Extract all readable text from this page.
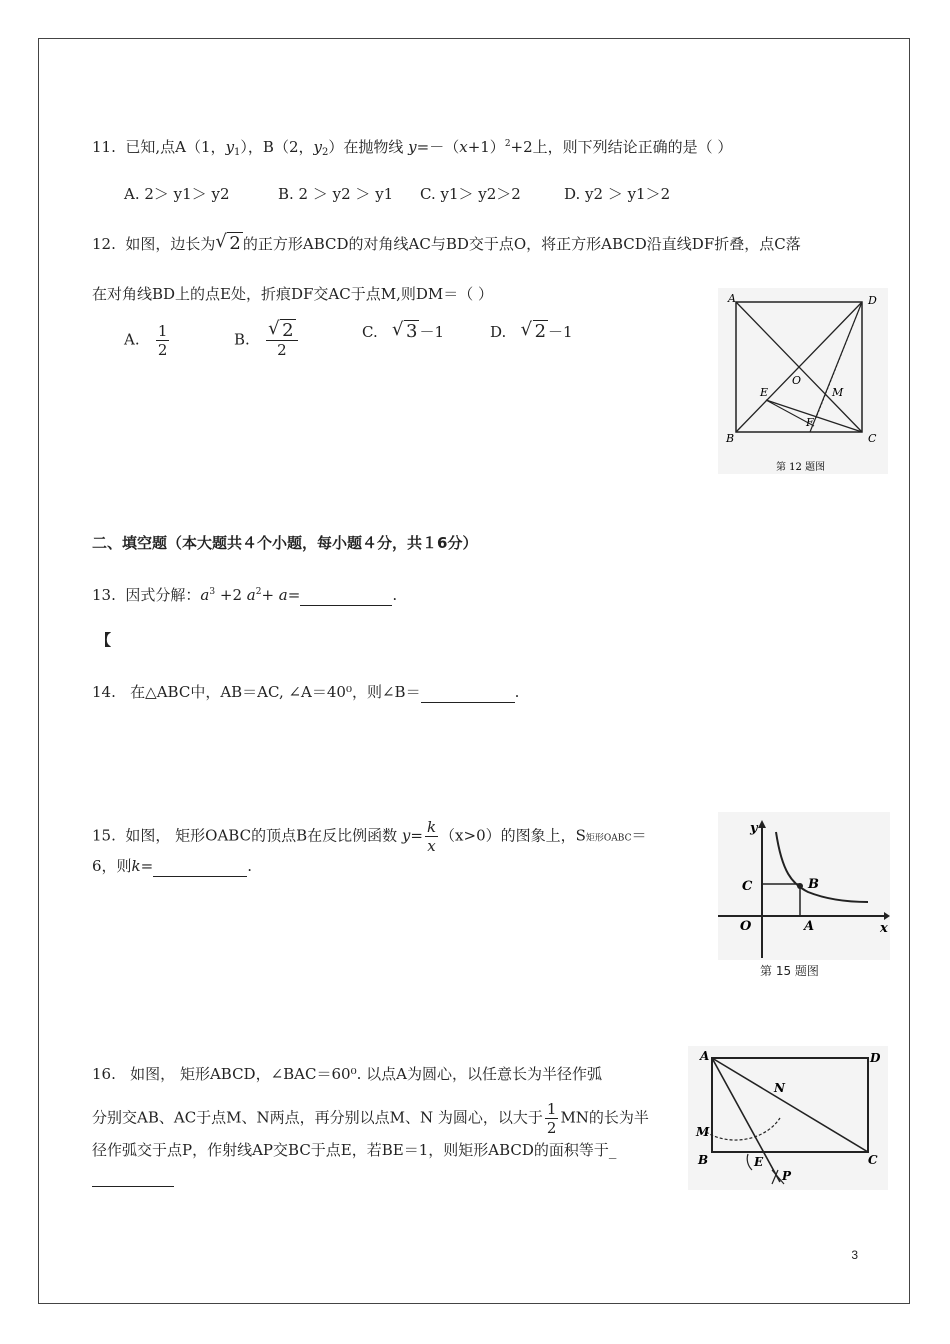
11. 已知,点A（1，$y_1$），B（2，$y_2$）在抛物线 $y=-(x+1)^2+2$上，则下列结论正确的是（ ）
A. 2＞ y1＞ y2	B. 2 ＞ y2 ＞ y1 C. y1＞ y2＞2	D. y2 ＞ y1＞2
12. 如图，边长为 √ 2 的正方形ABCD的对角线AC与BD交于点O，将正方形ABCD沿直线DF折叠，点C落
在对角线BD上的点E处，折痕DF交AC于点M,则DM＝（ ）
A. $\frac{1}{2}$	B. $\frac{√ 2}{2}$	C. √ 3 －1	D. √ 2 －1
A	D
B	C
O
E	M
F
第 12 题图
二、填空题（本大题共４个小题，每小题４分，共１6分）
13. 因式分解：$a^3 +2$ $a^2+ a=$	.
【
14. 在△ABC中，AB＝AC, ∠A＝40⁰，则∠B＝	.
15. 如图， 矩形OABC的顶点B在反比例函数 $y= \frac{k}{x} (x>0)$的图象上，S矩形OABC＝
6，则k=	.
y
x
O	A
B
C
第 15 题图
16. 如图， 矩形ABCD，∠BAC＝60⁰. 以点A为圆心，以任意长为半径作弧
分别交AB、AC于点M、N两点，再分别以点M、N 为圆心，以大于 $\frac{1}{2}$ MN的长为半
径作弧交于点P，作射线AP交BC于点E，若BE＝1，则矩形ABCD的面积等于_

A	D
B	C
M
N
E
P
3
